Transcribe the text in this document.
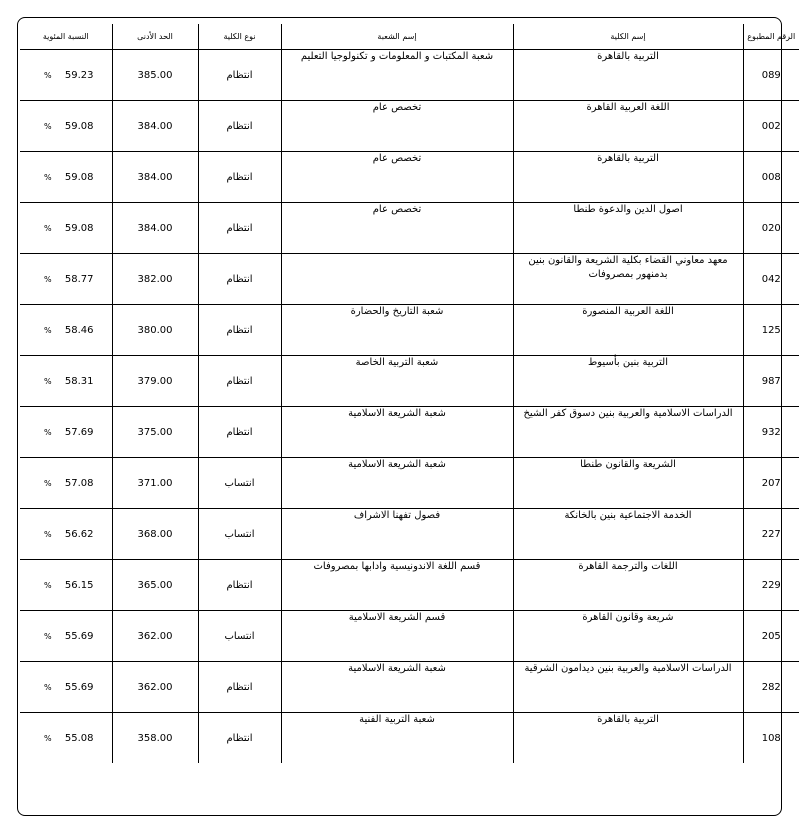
الرقم المطبوع	إسم الكلية	إسم الشعبة	نوع الكلية	الحد الأدنى	النسبة المئوية
089	التربية بالقاهرة	شعبة المكتبات و المعلومات و تكنولوجيا التعليم	انتظام	385.00	% 59.23

002	اللغة العربية القاهرة	تخصص عام	انتظام	384.00	% 59.08

008	التربية بالقاهرة	تخصص عام	انتظام	384.00	% 59.08

020	اصول الدين والدعوة طنطا	تخصص عام	انتظام	384.00	% 59.08

042	معهد معاوني القضاء بكلية الشريعة والقانون بنين بدمنهور بمصروفات		انتظام	382.00	% 58.77

125	اللغة العربية المنصورة	شعبة التاريخ والحضارة	انتظام	380.00	% 58.46

987	التربية بنين بأسيوط	شعبة التربية الخاصة	انتظام	379.00	% 58.31

932	الدراسات الاسلامية والعربية بنين دسوق كفر الشيخ	شعبة الشريعة الاسلامية	انتظام	375.00	% 57.69

207	الشريعة والقانون طنطا	شعبة الشريعة الاسلامية	انتساب	371.00	% 57.08

227	الخدمة الاجتماعية بنين بالخانكة	فصول تفهنا الاشراف	انتساب	368.00	% 56.62

229	اللغات والترجمة القاهرة	قسم اللغة الاندونيسية وادابها بمصروفات	انتظام	365.00	% 56.15

205	شريعة وقانون القاهرة	قسم الشريعة الاسلامية	انتساب	362.00	% 55.69

282	الدراسات الاسلامية والعربية بنين ديدامون الشرقية	شعبة الشريعة الاسلامية	انتظام	362.00	% 55.69

108	التربية بالقاهرة	شعبة التربية الفنية	انتظام	358.00	% 55.08
